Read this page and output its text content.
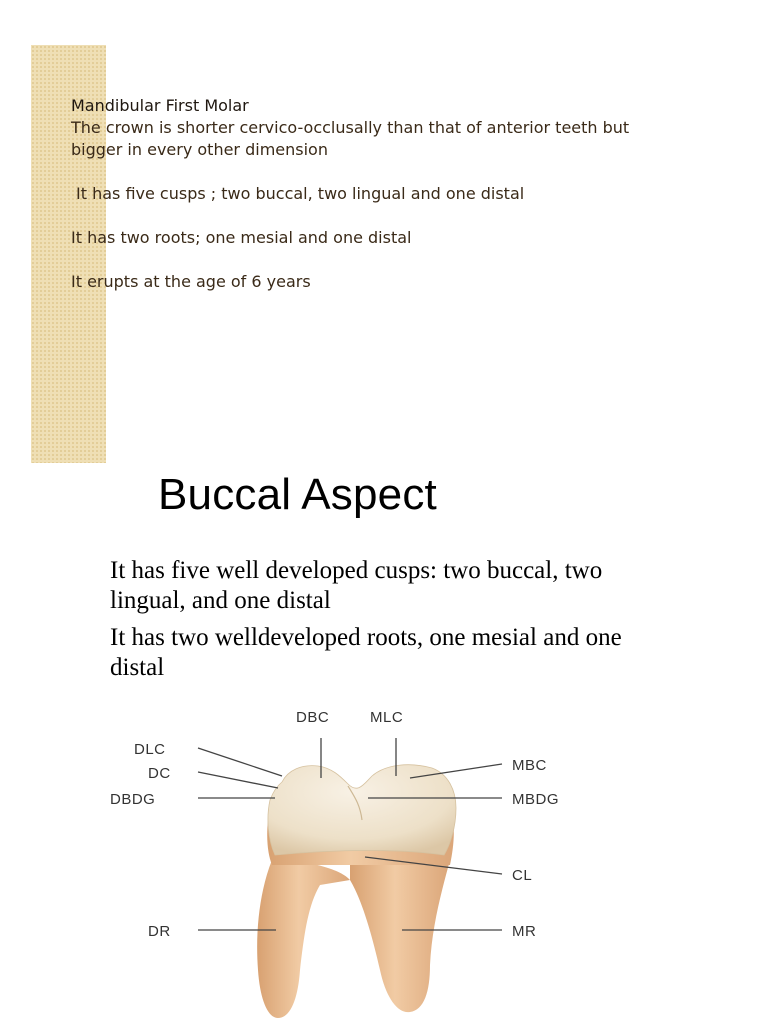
Mandibular First Molar

The crown is shorter cervico-occlusally than that of anterior teeth but bigger in every other dimension

It has five cusps ; two buccal, two lingual and one distal

It has two roots; one mesial and one distal

It erupts at the age of 6 years

Buccal Aspect

It has five well developed cusps: two buccal, two lingual, and one distal

It has two welldeveloped roots, one mesial and one distal

DBC	MLC
DLC
DC
DBDG
MBC
MBDG
CL
DR	MR
